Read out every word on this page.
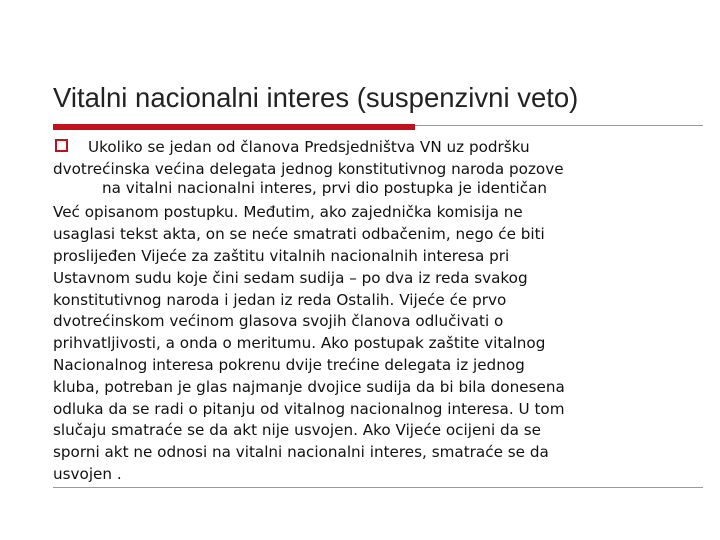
Vitalni nacionalni interes (suspenzivni veto)
Ukoliko se jedan od članova Predsjedništva VN uz podršku
dvotrećinska većina delegata jednog konstitutivnog naroda pozove
na vitalni nacionalni interes, prvi dio postupka je identičan
Već opisanom postupku. Međutim, ako zajednička komisija ne
usaglasi tekst akta, on se neće smatrati odbačenim, nego će biti
proslijeđen Vijeće za zaštitu vitalnih nacionalnih interesa pri
Ustavnom sudu koje čini sedam sudija – po dva iz reda svakog
konstitutivnog naroda i jedan iz reda Ostalih. Vijeće će prvo
dvotrećinskom većinom glasova svojih članova odlučivati o
prihvatljivosti, a onda o meritumu. Ako postupak zaštite vitalnog
Nacionalnog interesa pokrenu dvije trećine delegata iz jednog
kluba, potreban je glas najmanje dvojice sudija da bi bila donesena
odluka da se radi o pitanju od vitalnog nacionalnog interesa. U tom
slučaju smatraće se da akt nije usvojen. Ako Vijeće ocijeni da se
sporni akt ne odnosi na vitalni nacionalni interes, smatraće se da
usvojen .
